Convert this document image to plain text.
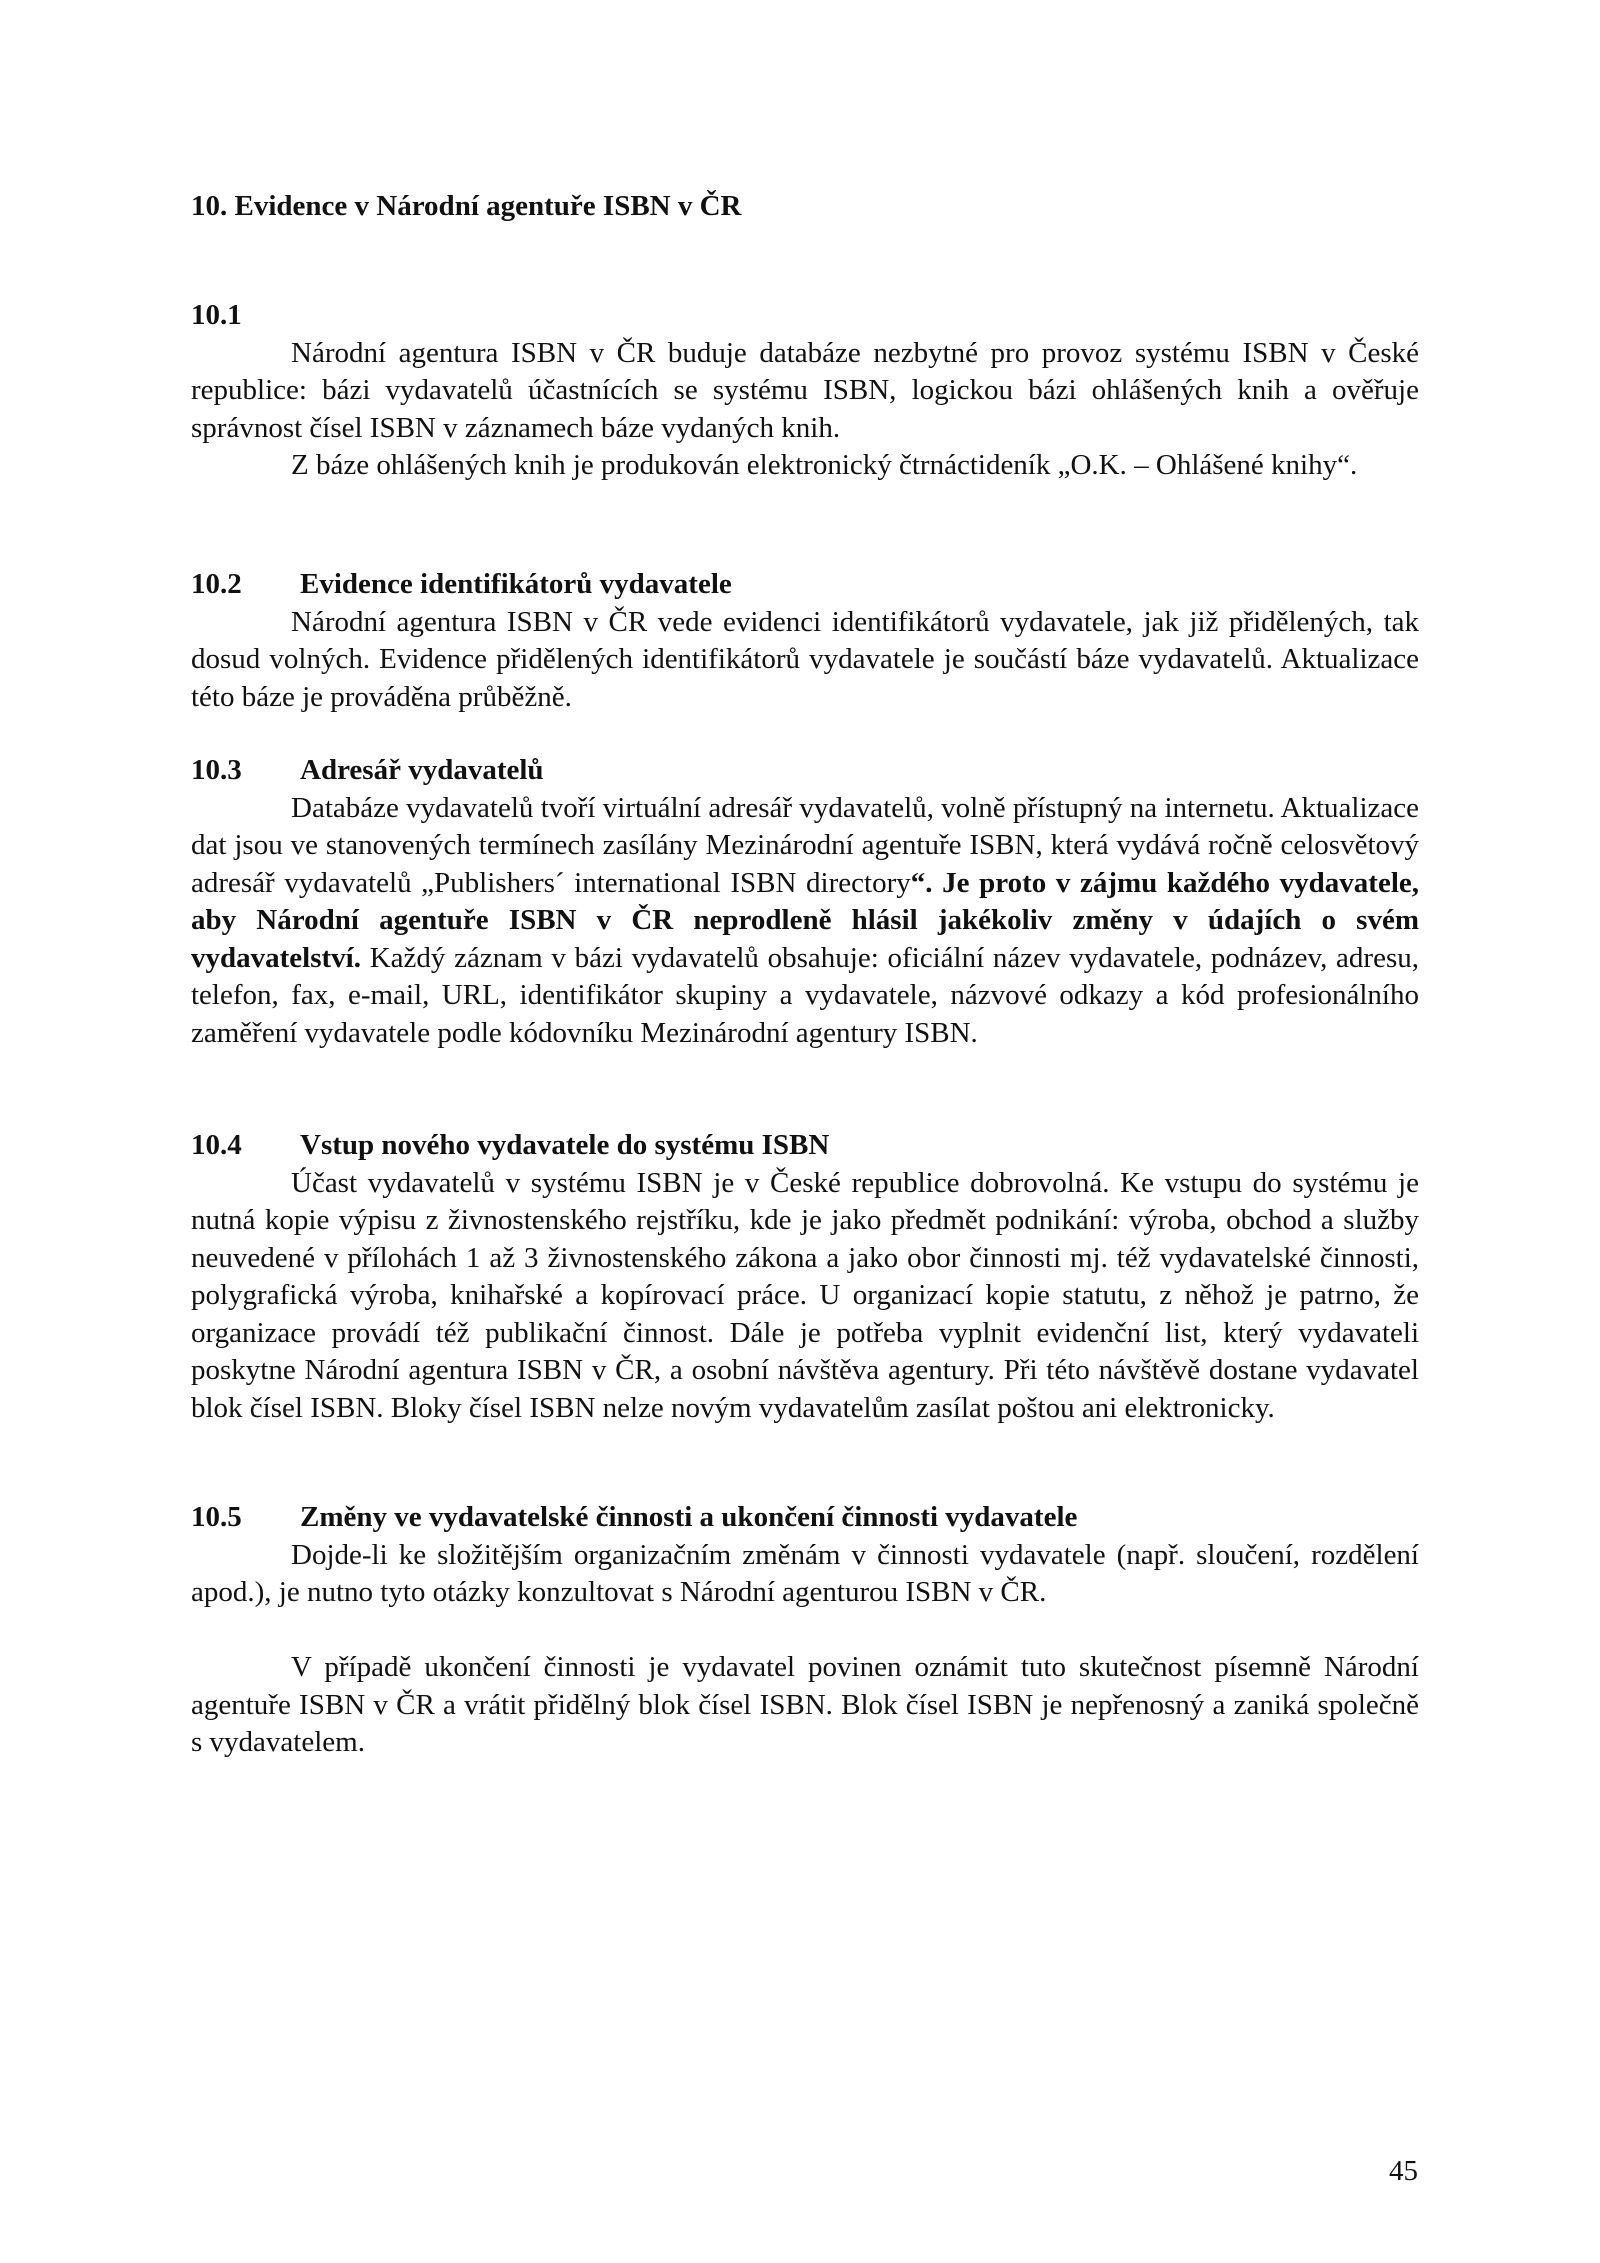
10. Evidence v Národní agentuře ISBN v ČR
10.1

Národní agentura ISBN v ČR buduje databáze nezbytné pro provoz systému ISBN v České republice: bázi vydavatelů účastnících se systému ISBN, logickou bázi ohlášených knih a ověřuje správnost čísel ISBN v záznamech báze vydaných knih.

Z báze ohlášených knih je produkován elektronický čtrnáctideník „O.K. – Ohlášené knihy“.

10.2 Evidence identifikátorů vydavatele

Národní agentura ISBN v ČR vede evidenci identifikátorů vydavatele, jak již přidělených, tak dosud volných. Evidence přidělených identifikátorů vydavatele je součástí báze vydavatelů. Aktualizace této báze je prováděna průběžně.

10.3 Adresář vydavatelů

Databáze vydavatelů tvoří virtuální adresář vydavatelů, volně přístupný na internetu. Aktualizace dat jsou ve stanovených termínech zasílány Mezinárodní agentuře ISBN, která vydává ročně celosvětový adresář vydavatelů „Publishers´ international ISBN directory“. Je proto v zájmu každého vydavatele, aby Národní agentuře ISBN v ČR neprodleně hlásil jakékoliv změny v údajích o svém vydavatelství. Každý záznam v bázi vydavatelů obsahuje: oficiální název vydavatele, podnázev, adresu, telefon, fax, e-mail, URL, identifikátor skupiny a vydavatele, názvové odkazy a kód profesionálního zaměření vydavatele podle kódovníku Mezinárodní agentury ISBN.

10.4 Vstup nového vydavatele do systému ISBN

Účast vydavatelů v systému ISBN je v České republice dobrovolná. Ke vstupu do systému je nutná kopie výpisu z živnostenského rejstříku, kde je jako předmět podnikání: výroba, obchod a služby neuvedené v přílohách 1 až 3 živnostenského zákona a jako obor činnosti mj. též vydavatelské činnosti, polygrafická výroba, knihařské a kopírovací práce. U organizací kopie statutu, z něhož je patrno, že organizace provádí též publikační činnost. Dále je potřeba vyplnit evidenční list, který vydavateli poskytne Národní agentura ISBN v ČR, a osobní návštěva agentury. Při této návštěvě dostane vydavatel blok čísel ISBN. Bloky čísel ISBN nelze novým vydavatelům zasílat poštou ani elektronicky.

10.5 Změny ve vydavatelské činnosti a ukončení činnosti vydavatele

Dojde-li ke složitějším organizačním změnám v činnosti vydavatele (např. sloučení, rozdělení apod.), je nutno tyto otázky konzultovat s Národní agenturou ISBN v ČR.

V případě ukončení činnosti je vydavatel povinen oznámit tuto skutečnost písemně Národní agentuře ISBN v ČR a vrátit přidělný blok čísel ISBN. Blok čísel ISBN je nepřenosný a zaniká společně s vydavatelem.

45
